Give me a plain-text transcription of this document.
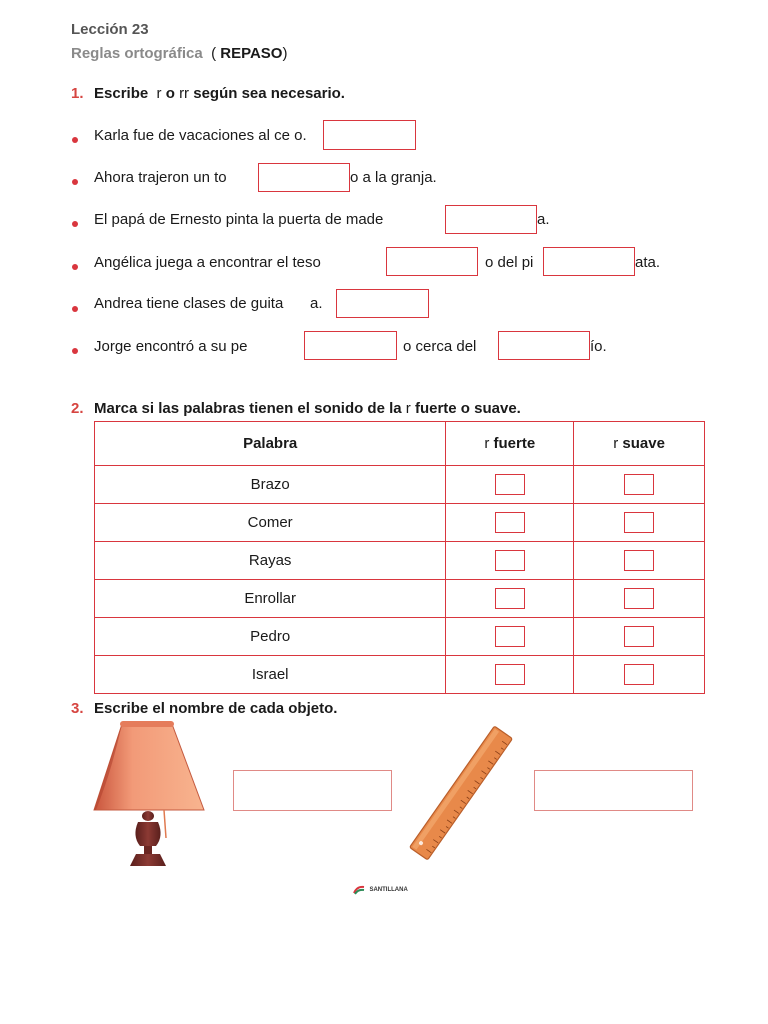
Lección 23
Reglas ortográfica ( REPASO)
1. Escribe r o rr según sea necesario.
Karla fue de vacaciones al ce o.
Ahora trajeron un to	o a la granja.
El papá de Ernesto pinta la puerta de made	a.
Angélica juega a encontrar el teso	o del pi	ata.
Andrea tiene clases de guita a.
Jorge encontró a su pe	o cerca del	ío.
2. Marca si las palabras tienen el sonido de la r fuerte o suave.
Palabra	r fuerte	r suave
Brazo		
Comer		
Rayas		
Enrollar		
Pedro		
Israel		
3. Escribe el nombre de cada objeto.
SANTILLANA
